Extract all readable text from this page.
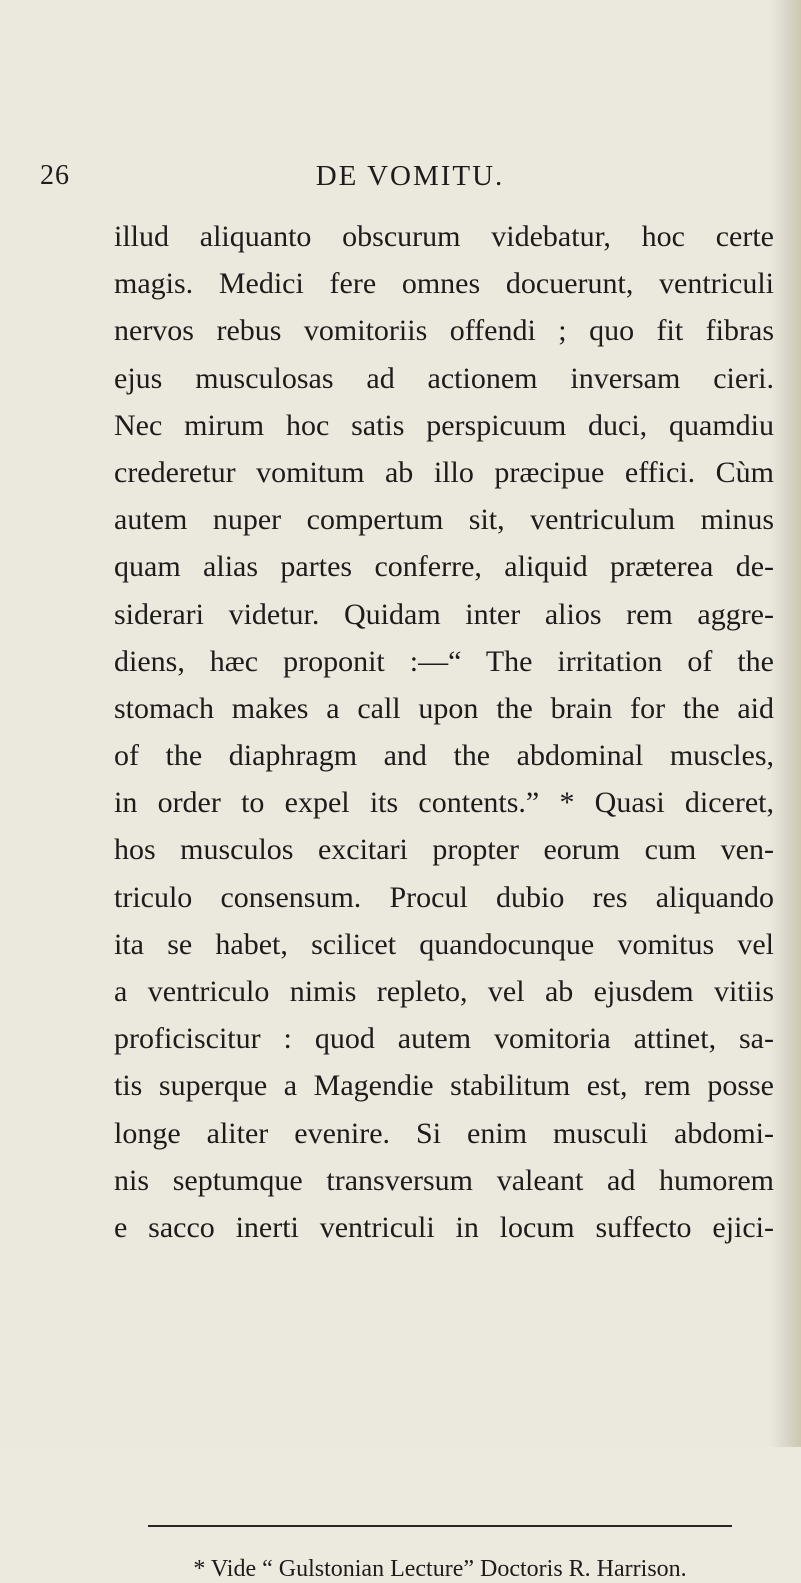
26	DE VOMITU.
illud aliquanto obscurum videbatur, hoc certe
magis. Medici fere omnes docuerunt, ventriculi
nervos rebus vomitoriis offendi ; quo fit fibras
ejus musculosas ad actionem inversam cieri.
Nec mirum hoc satis perspicuum duci, quamdiu
crederetur vomitum ab illo præcipue effici. Cùm
autem nuper compertum sit, ventriculum minus
quam alias partes conferre, aliquid præterea de-
siderari videtur. Quidam inter alios rem aggre-
diens, hæc proponit :—“ The irritation of the
stomach makes a call upon the brain for the aid
of the diaphragm and the abdominal muscles,
in order to expel its contents.” * Quasi diceret,
hos musculos excitari propter eorum cum ven-
triculo consensum. Procul dubio res aliquando
ita se habet, scilicet quandocunque vomitus vel
a ventriculo nimis repleto, vel ab ejusdem vitiis
proficiscitur : quod autem vomitoria attinet, sa-
tis superque a Magendie stabilitum est, rem posse
longe aliter evenire. Si enim musculi abdomi-
nis septumque transversum valeant ad humorem
e sacco inerti ventriculi in locum suffecto ejici-
* Vide “ Gulstonian Lecture” Doctoris R. Harrison.
